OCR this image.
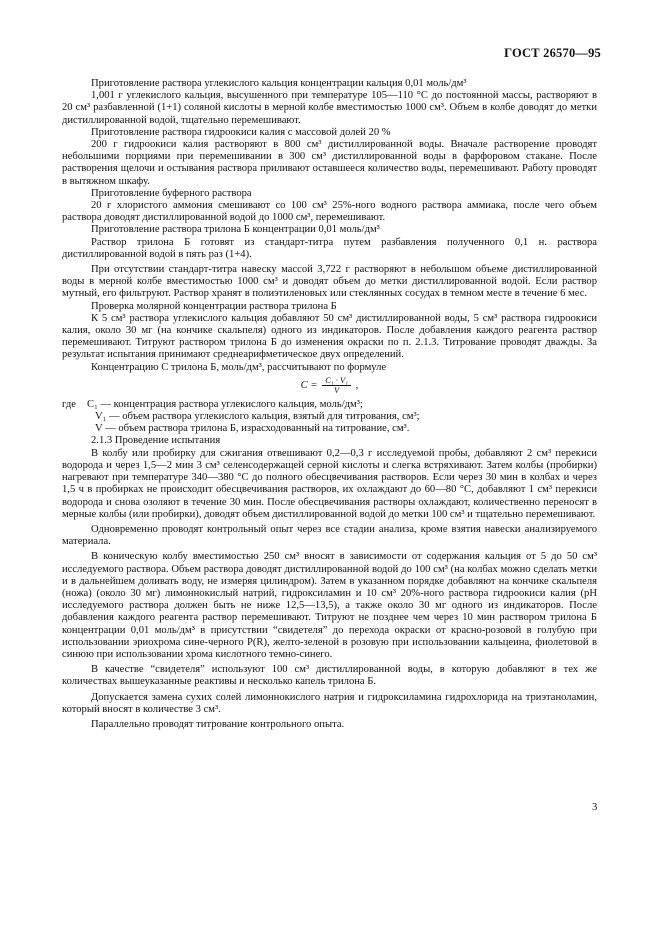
ГОСТ 26570—95

Приготовление раствора углекислого кальция концентрации кальция 0,01 моль/дм³

1,001 г углекислого кальция, высушенного при температуре 105—110 °С до постоянной массы, растворяют в 20 см³ разбавленной (1+1) соляной кислоты в мерной колбе вместимостью 1000 см³. Объем в колбе доводят до метки дистиллированной водой, тщательно перемешивают.

Приготовление раствора гидроокиси калия с массовой долей 20 %

200 г гидроокиси калия растворяют в 800 см³ дистиллированной воды. Вначале растворение проводят небольшими порциями при перемешивании в 300 см³ дистиллированной воды в фарфоровом стакане. После растворения щелочи и остывания раствора приливают оставшееся количество воды, перемешивают. Работу проводят в вытяжном шкафу.

Приготовление буферного раствора

20 г хлористого аммония смешивают со 100 см³ 25%-ного водного раствора аммиака, после чего объем раствора доводят дистиллированной водой до 1000 см³, перемешивают.

Приготовление раствора трилона Б концентрации 0,01 моль/дм³

Раствор трилона Б готовят из стандарт-титра путем разбавления полученного 0,1 н. раствора дистиллированной водой в пять раз (1+4).

При отсутствии стандарт-титра навеску массой 3,722 г растворяют в небольшом объеме дистиллированной воды в мерной колбе вместимостью 1000 см³ и доводят объем до метки дистиллированной водой. Если раствор мутный, его фильтруют. Раствор хранят в полиэтиленовых или стеклянных сосудах в темном месте в течение 6 мес.

Проверка молярной концентрации раствора трилона Б

К 5 см³ раствора углекислого кальция добавляют 50 см³ дистиллированной воды, 5 см³ раствора гидроокиси калия, около 30 мг (на кончике скальпеля) одного из индикаторов. После добавления каждого реагента раствор перемешивают. Титруют раствором трилона Б до изменения окраски по п. 2.1.3. Титрование проводят дважды. За результат испытания принимают среднеарифметическое двух определений.

Концентрацию C трилона Б, моль/дм³, рассчитывают по формуле

$C = \frac{\text{C₁ · V₁}}{V}$ ,
где C₁ — концентрация раствора углекислого кальция, моль/дм³;
V₁ — объем раствора углекислого кальция, взятый для титрования, см³;
V — объем раствора трилона Б, израсходованный на титрование, см³.

2.1.3 Проведение испытания

В колбу или пробирку для сжигания отвешивают 0,2—0,3 г исследуемой пробы, добавляют 2 см³ перекиси водорода и через 1,5—2 мин 3 см³ селенсодержащей серной кислоты и слегка встряхивают. Затем колбы (пробирки) нагревают при температуре 340—380 °С до полного обесцвечивания растворов. Если через 30 мин в колбах и через 1,5 ч в пробирках не происходит обесцвечивания растворов, их охлаждают до 60—80 °С, добавляют 1 см³ перекиси водорода и снова озоляют в течение 30 мин. После обесцвечивания растворы охлаждают, количественно переносят в мерные колбы (или пробирки), доводят объем дистиллированной водой до метки 100 см³ и тщательно перемешивают.

Одновременно проводят контрольный опыт через все стадии анализа, кроме взятия навески анализируемого материала.

В коническую колбу вместимостью 250 см³ вносят в зависимости от содержания кальция от 5 до 50 см³ исследуемого раствора. Объем раствора доводят дистиллированной водой до 100 см³ (на колбах можно сделать метки и в дальнейшем доливать воду, не измеряя цилиндром). Затем в указанном порядке добавляют на кончике скальпеля (ножа) (около 30 мг) лимоннокислый натрий, гидроксиламин и 10 см³ 20%-ного раствора гидроокиси калия (рН исследуемого раствора должен быть не ниже 12,5—13,5), а также около 30 мг одного из индикаторов. После добавления каждого реагента раствор перемешивают. Титруют не позднее чем через 10 мин раствором трилона Б концентрации 0,01 моль/дм³ в присутствии “свидетеля” до перехода окраски от красно-розовой в голубую при использовании эриохрома сине-черного Р(R), желто-зеленой в розовую при использовании кальцеина, фиолетовой в синюю при использовании хрома кислотного темно-синего.

В качестве “свидетеля” используют 100 см³ дистиллированной воды, в которую добавляют в тех же количествах вышеуказанные реактивы и несколько капель трилона Б.

Допускается замена сухих солей лимоннокислого натрия и гидроксиламина гидрохлорида на триэтаноламин, который вносят в количестве 3 см³.

Параллельно проводят титрование контрольного опыта.

3
